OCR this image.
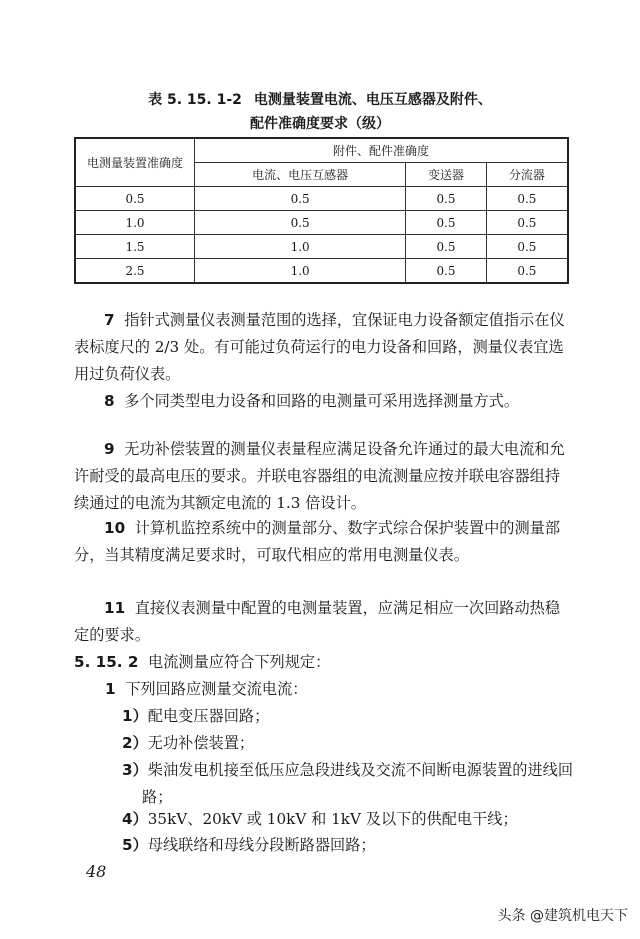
表 5. 15. 1-2 电测量装置电流、电压互感器及附件、
配件准确度要求（级）
电测量装置准确度	附件、配件准确度		
	电流、电压互感器	变送器	分流器
0.5	0.5	0.5	0.5
1.0	0.5	0.5	0.5
1.5	1.0	0.5	0.5
2.5	1.0	0.5	0.5
7 指针式测量仪表测量范围的选择，宜保证电力设备额定值指示在仪表标度尺的 2/3 处。有可能过负荷运行的电力设备和回路，测量仪表宜选用过负荷仪表。
8 多个同类型电力设备和回路的电测量可采用选择测量方式。
9 无功补偿装置的测量仪表量程应满足设备允许通过的最大电流和允许耐受的最高电压的要求。并联电容器组的电流测量应按并联电容器组持续通过的电流为其额定电流的 1.3 倍设计。
10 计算机监控系统中的测量部分、数字式综合保护装置中的测量部分，当其精度满足要求时，可取代相应的常用电测量仪表。
11 直接仪表测量中配置的电测量装置，应满足相应一次回路动热稳定的要求。
5. 15. 2 电流测量应符合下列规定：
1 下列回路应测量交流电流：
1）配电变压器回路；
2）无功补偿装置；
3）柴油发电机接至低压应急段进线及交流不间断电源装置的进线回路；
4）35kV、20kV 或 10kV 和 1kV 及以下的供配电干线；
5）母线联络和母线分段断路器回路；
48
头条 @建筑机电天下
